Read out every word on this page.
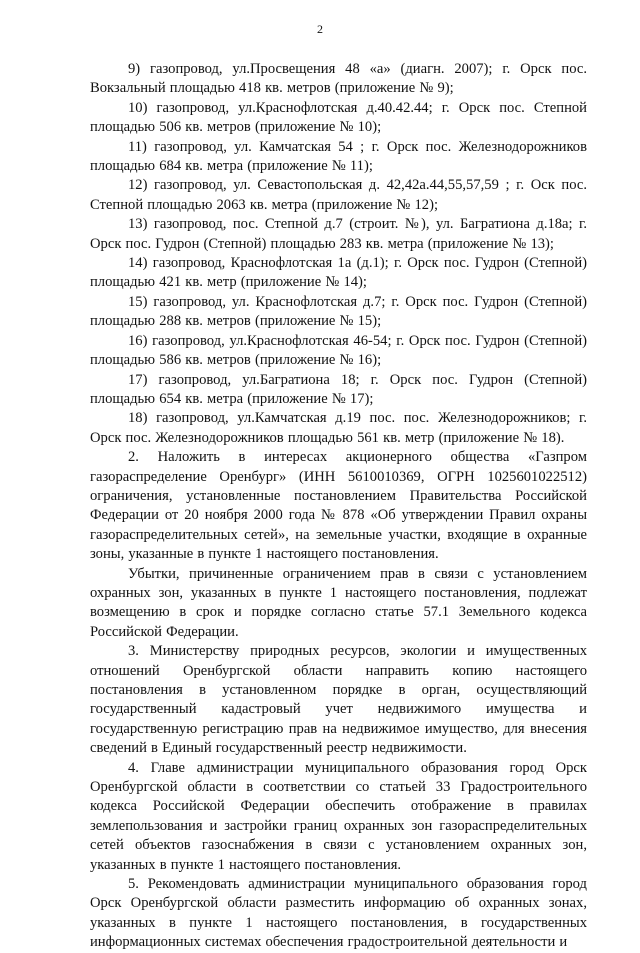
2

9) газопровод, ул.Просвещения 48 «а» (диагн. 2007); г. Орск пос. Вокзальный площадью 418 кв. метров (приложение № 9);

10) газопровод, ул.Краснофлотская д.40.42.44; г. Орск пос. Степной площадью 506 кв. метров (приложение № 10);

11) газопровод, ул. Камчатская 54 ; г. Орск пос. Железнодорожников площадью 684 кв. метра (приложение № 11);

12) газопровод, ул. Севастопольская д. 42,42а.44,55,57,59 ; г. Оск пос. Степной площадью 2063 кв. метра (приложение № 12);

13) газопровод, пос. Степной д.7 (строит. №), ул. Багратиона д.18а; г. Орск пос. Гудрон (Степной) площадью 283 кв. метра (приложение № 13);

14) газопровод, Краснофлотская 1а (д.1); г. Орск пос. Гудрон (Степной) площадью 421 кв. метр (приложение № 14);

15) газопровод, ул. Краснофлотская д.7; г. Орск пос. Гудрон (Степной) площадью 288 кв. метров (приложение № 15);

16) газопровод, ул.Краснофлотская 46-54; г. Орск пос. Гудрон (Степной) площадью 586 кв. метров (приложение № 16);

17) газопровод, ул.Багратиона 18; г. Орск пос. Гудрон (Степной) площадью 654 кв. метра (приложение № 17);

18) газопровод, ул.Камчатская д.19 пос. пос. Железнодорожников; г. Орск пос. Железнодорожников площадью 561 кв. метр (приложение № 18).

2. Наложить в интересах акционерного общества «Газпром газораспределение Оренбург» (ИНН 5610010369, ОГРН 1025601022512) ограничения, установленные постановлением Правительства Российской Федерации от 20 ноября 2000 года № 878 «Об утверждении Правил охраны газораспределительных сетей», на земельные участки, входящие в охранные зоны, указанные в пункте 1 настоящего постановления.

Убытки, причиненные ограничением прав в связи с установлением охранных зон, указанных в пункте 1 настоящего постановления, подлежат возмещению в срок и порядке согласно статье 57.1 Земельного кодекса Российской Федерации.

3. Министерству природных ресурсов, экологии и имущественных отношений Оренбургской области направить копию настоящего постановления в установленном порядке в орган, осуществляющий государственный кадастровый учет недвижимого имущества и государственную регистрацию прав на недвижимое имущество, для внесения сведений в Единый государственный реестр недвижимости.

4. Главе администрации муниципального образования город Орск Оренбургской области в соответствии со статьей 33 Градостроительного кодекса Российской Федерации обеспечить отображение в правилах землепользования и застройки границ охранных зон газораспределительных сетей объектов газоснабжения в связи с установлением охранных зон, указанных в пункте 1 настоящего постановления.

5. Рекомендовать администрации муниципального образования город Орск Оренбургской области разместить информацию об охранных зонах, указанных в пункте 1 настоящего постановления, в государственных информационных системах обеспечения градостроительной деятельности и
